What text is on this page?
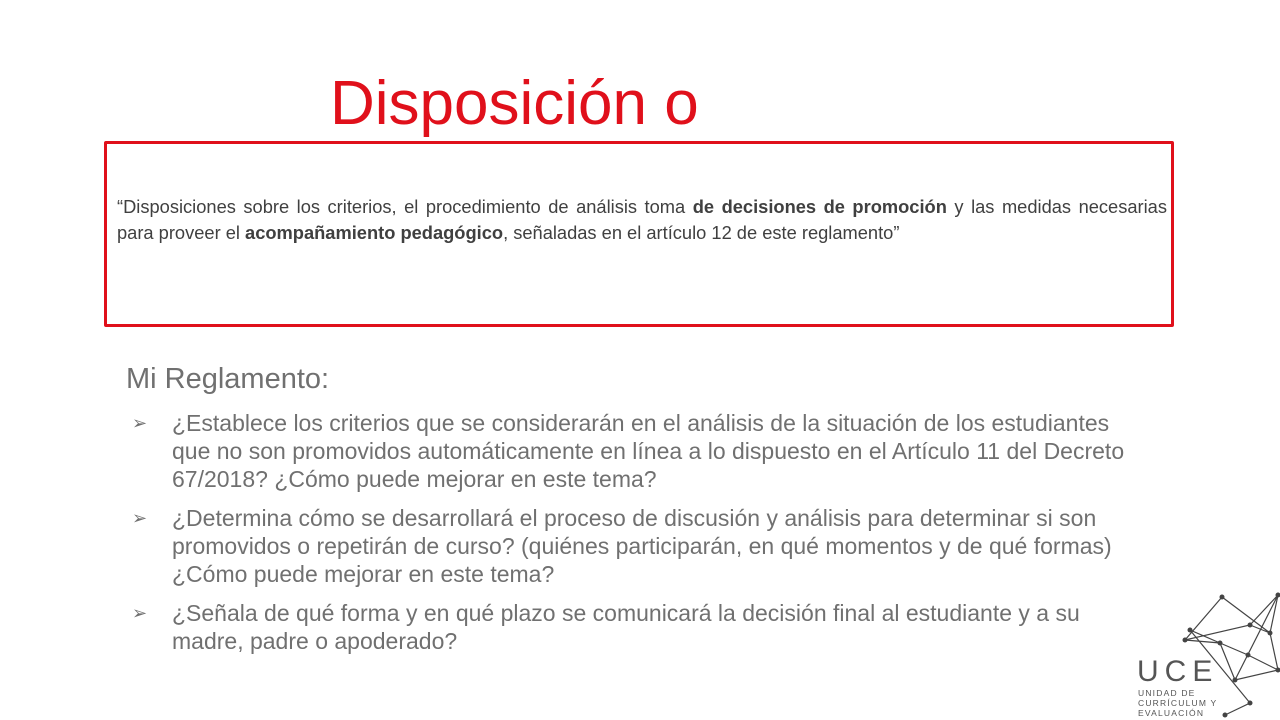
Disposición o
“Disposiciones sobre los criterios, el procedimiento de análisis toma de decisiones de promoción y las medidas necesarias para proveer el acompañamiento pedagógico, señaladas en el artículo 12 de este reglamento”
Mi Reglamento:
➢	¿Establece los criterios que se considerarán en el análisis de la situación de los estudiantes que no son promovidos automáticamente en línea a lo dispuesto en el Artículo 11 del Decreto 67/2018? ¿Cómo puede mejorar en este tema?
➢	¿Determina cómo se desarrollará el proceso de discusión y análisis para determinar si son promovidos o repetirán de curso? (quiénes participarán, en qué momentos y de qué formas) ¿Cómo puede mejorar en este tema?
➢	¿Señala de qué forma y en qué plazo se comunicará la decisión final al estudiante y a su madre, padre o apoderado?
UCE
UNIDAD DE
CURRÍCULUM Y
EVALUACIÓN
